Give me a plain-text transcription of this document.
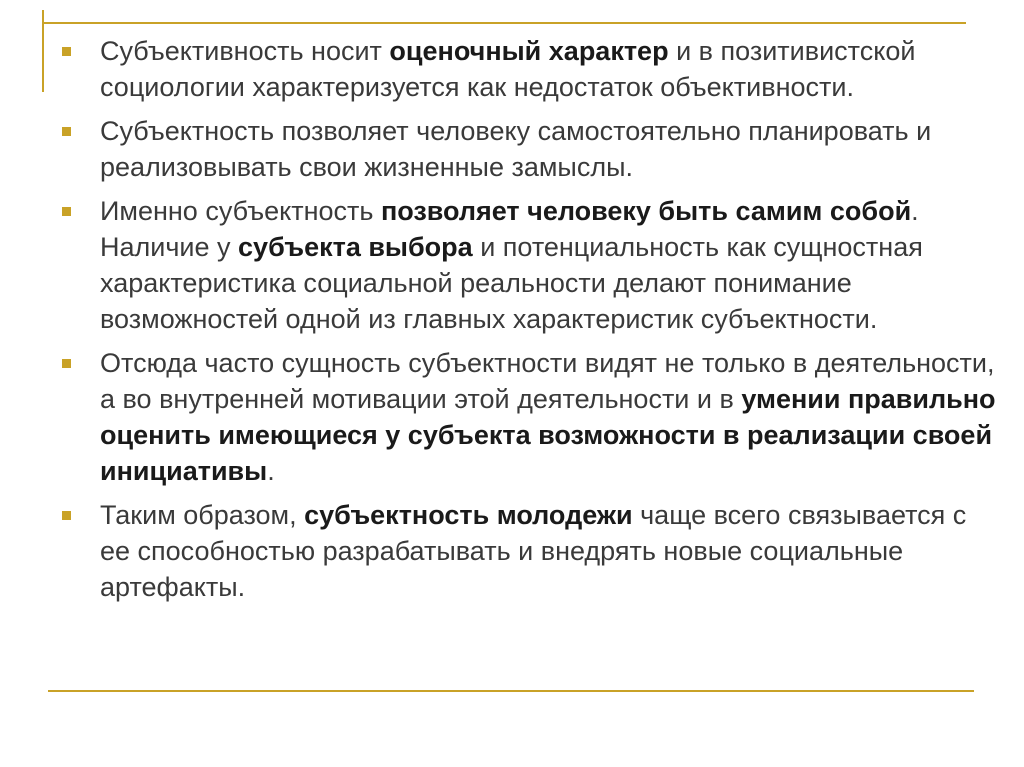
Субъективность носит оценочный характер и в позитивистской социологии характеризуется как недостаток объективности.

Субъектность позволяет человеку самостоятельно планировать и реализовывать свои жизненные замыслы.

Именно субъектность позволяет человеку быть самим собой. Наличие у субъекта выбора и потенциальность как сущностная характеристика социальной реальности делают понимание возможностей одной из главных характеристик субъектности.

Отсюда часто сущность субъектности видят не только в деятельности, а во внутренней мотивации этой деятельности и в умении правильно оценить имеющиеся у субъекта возможности в реализации своей инициативы.

Таким образом, субъектность молодежи чаще всего связывается с ее способностью разрабатывать и внедрять новые социальные артефакты.
